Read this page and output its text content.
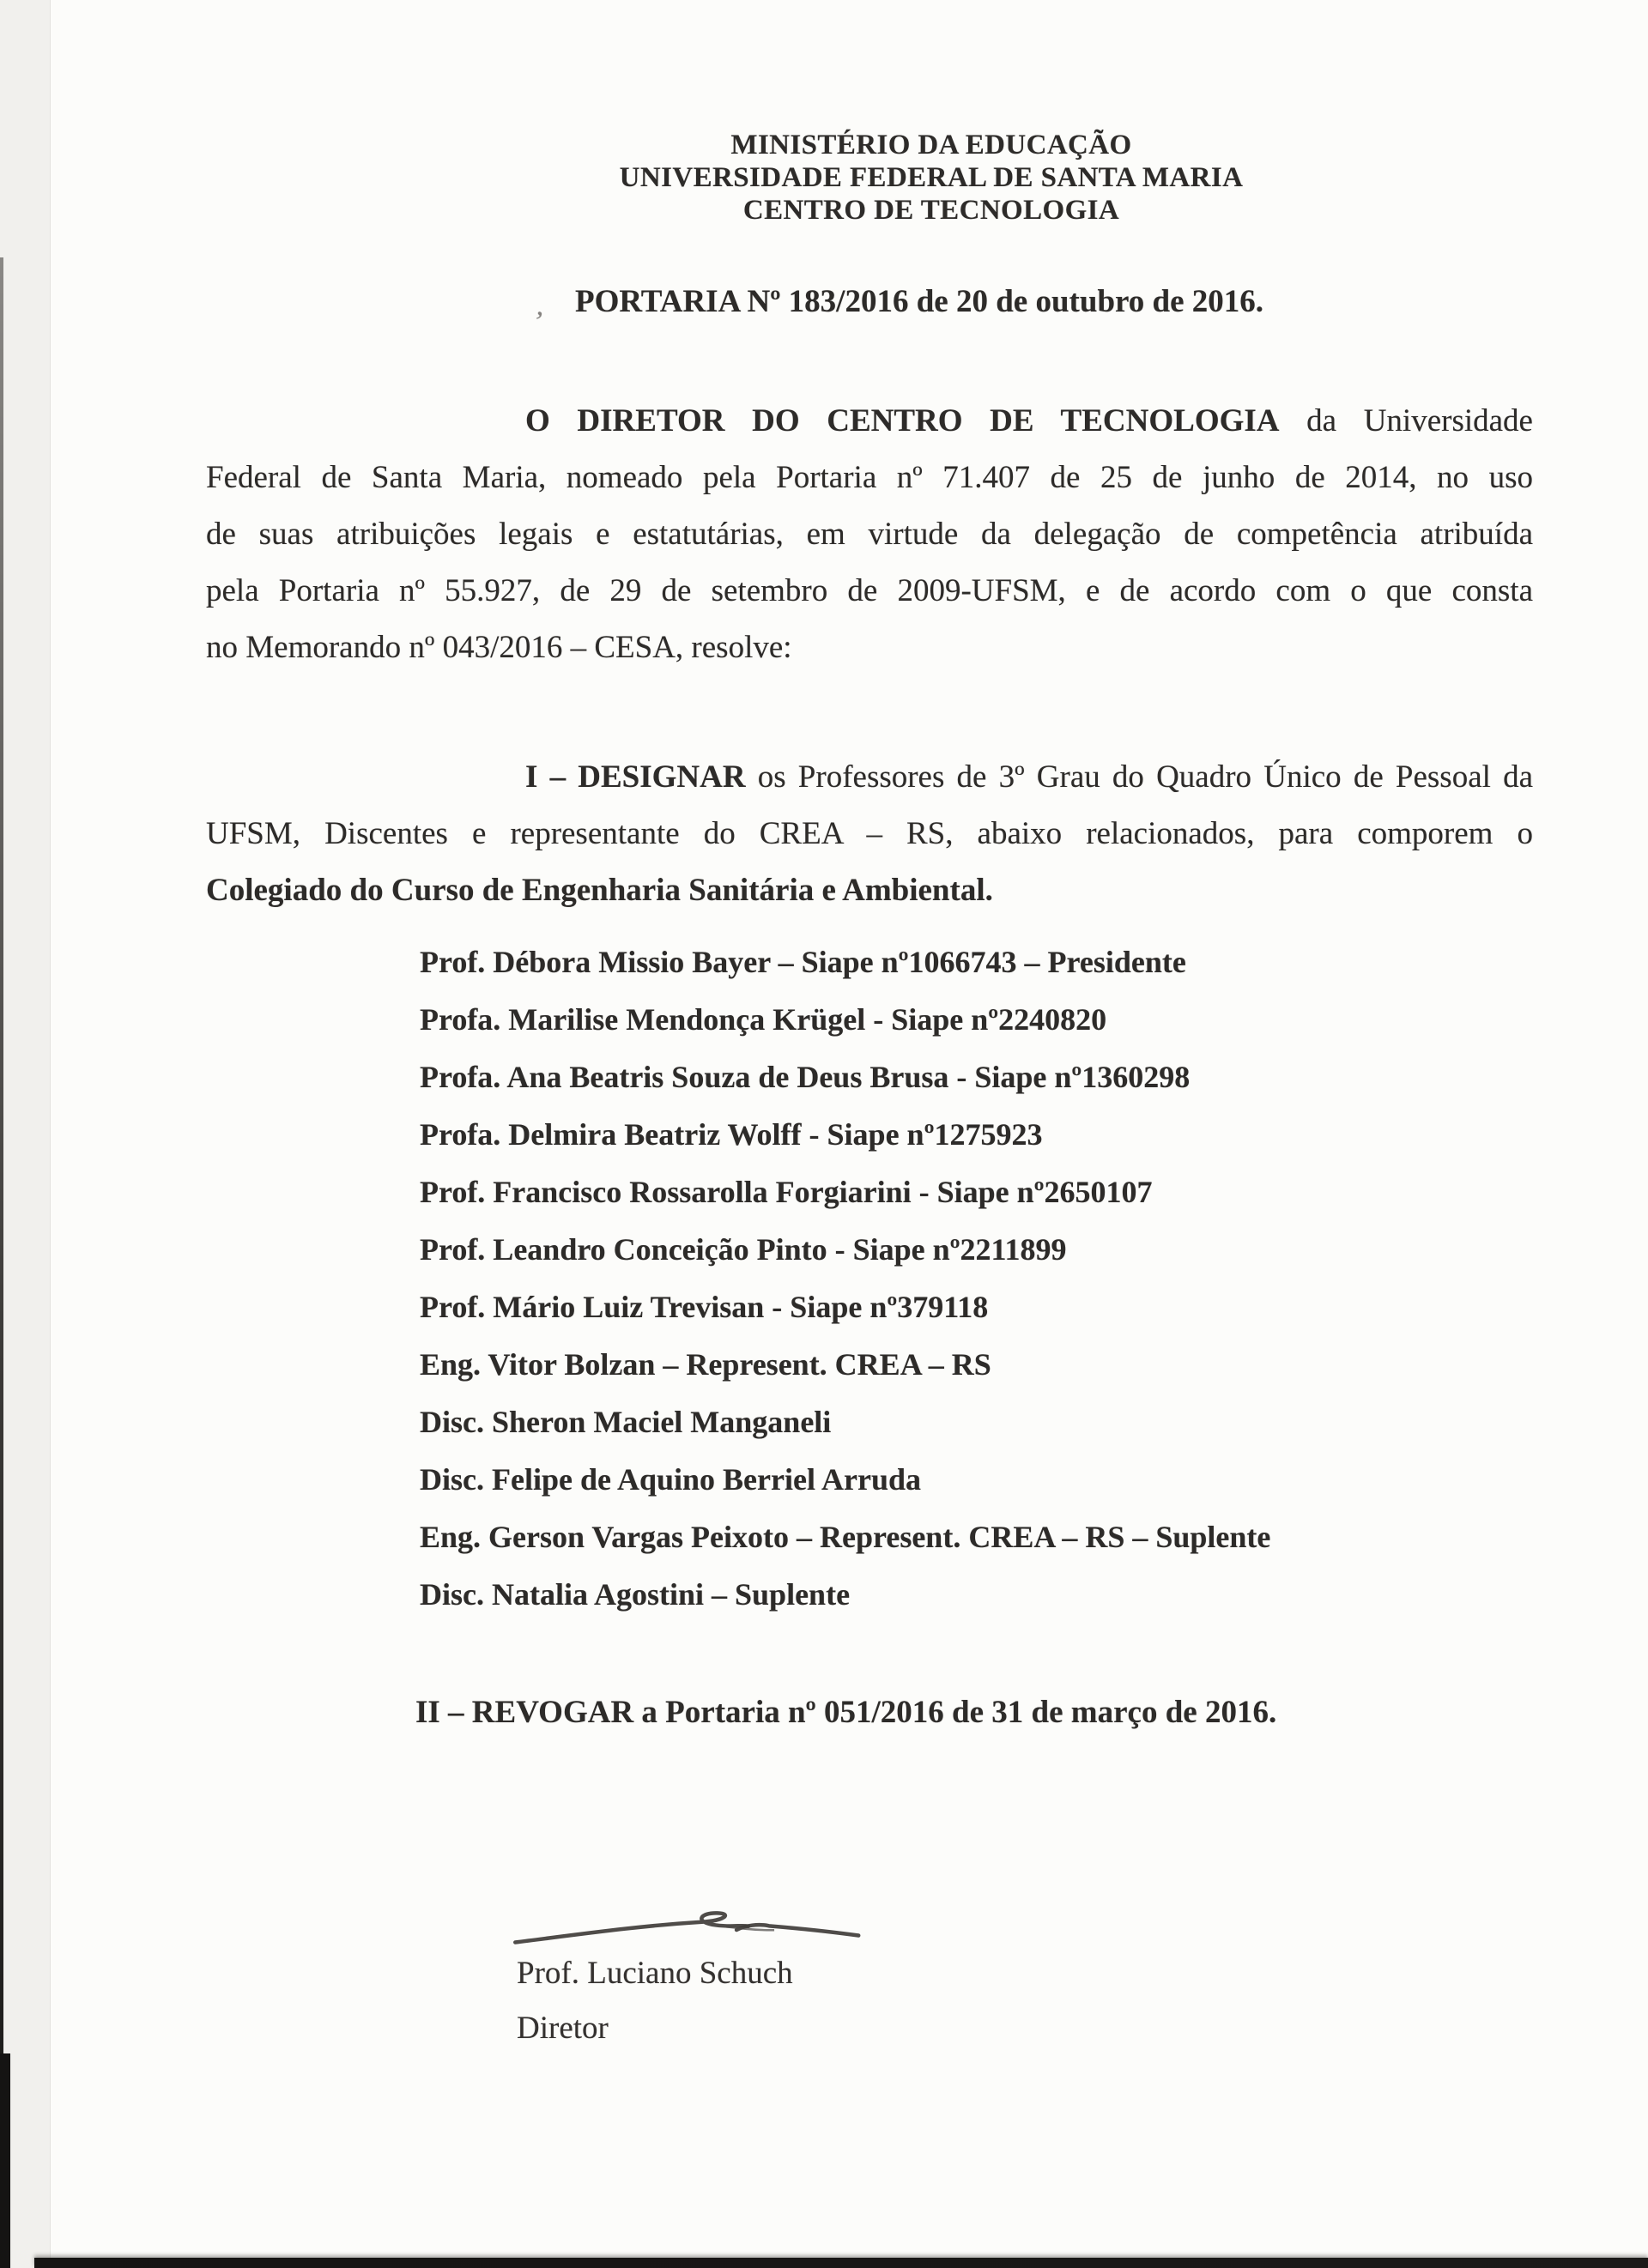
,
MINISTÉRIO DA EDUCAÇÃO
UNIVERSIDADE FEDERAL DE SANTA MARIA
CENTRO DE TECNOLOGIA
PORTARIA Nº 183/2016 de 20 de outubro de 2016.
O DIRETOR DO CENTRO DE TECNOLOGIA da Universidade
Federal de Santa Maria, nomeado pela Portaria nº 71.407 de 25 de junho de 2014, no uso
de suas atribuições legais e estatutárias, em virtude da delegação de competência atribuída
pela Portaria nº 55.927, de 29 de setembro de 2009-UFSM, e de acordo com o que consta
no Memorando nº 043/2016 – CESA, resolve:
I – DESIGNAR os Professores de 3º Grau do Quadro Único de Pessoal da
UFSM, Discentes e representante do CREA – RS, abaixo relacionados, para comporem o
Colegiado do Curso de Engenharia Sanitária e Ambiental.
Prof. Débora Missio Bayer – Siape nº1066743 – Presidente
Profa. Marilise Mendonça Krügel - Siape nº2240820
Profa. Ana Beatris Souza de Deus Brusa - Siape nº1360298
Profa. Delmira Beatriz Wolff - Siape nº1275923
Prof. Francisco Rossarolla Forgiarini - Siape nº2650107
Prof. Leandro Conceição Pinto - Siape nº2211899
Prof. Mário Luiz Trevisan - Siape nº379118
Eng. Vitor Bolzan – Represent. CREA – RS
Disc. Sheron Maciel Manganeli
Disc. Felipe de Aquino Berriel Arruda
Eng. Gerson Vargas Peixoto – Represent. CREA – RS – Suplente
Disc. Natalia Agostini – Suplente
II – REVOGAR a Portaria nº 051/2016 de 31 de março de 2016.
Prof. Luciano Schuch
Diretor
